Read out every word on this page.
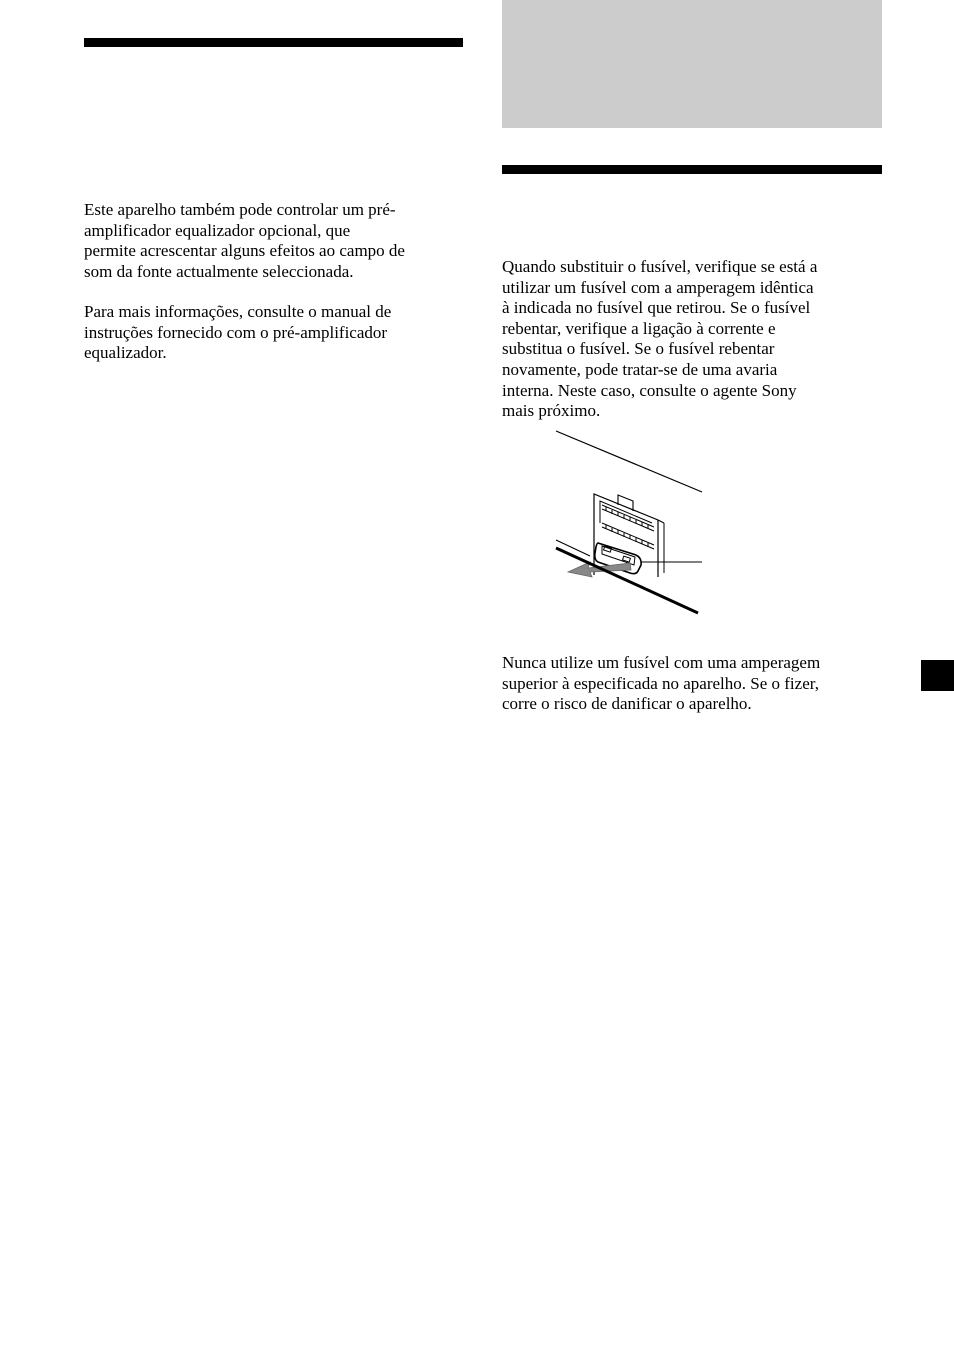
Este aparelho também pode controlar um pré-
amplificador equalizador opcional, que
permite acrescentar alguns efeitos ao campo de
som da fonte actualmente seleccionada.

Para mais informações, consulte o manual de
instruções fornecido com o pré-amplificador
equalizador.

Quando substituir o fusível, verifique se está a
utilizar um fusível com a amperagem idêntica
à indicada no fusível que retirou. Se o fusível
rebentar, verifique a ligação à corrente e
substitua o fusível. Se o fusível rebentar
novamente, pode tratar-se de uma avaria
interna. Neste caso, consulte o agente Sony
mais próximo.

Nunca utilize um fusível com uma amperagem
superior à especificada no aparelho. Se o fizer,
corre o risco de danificar o aparelho.
